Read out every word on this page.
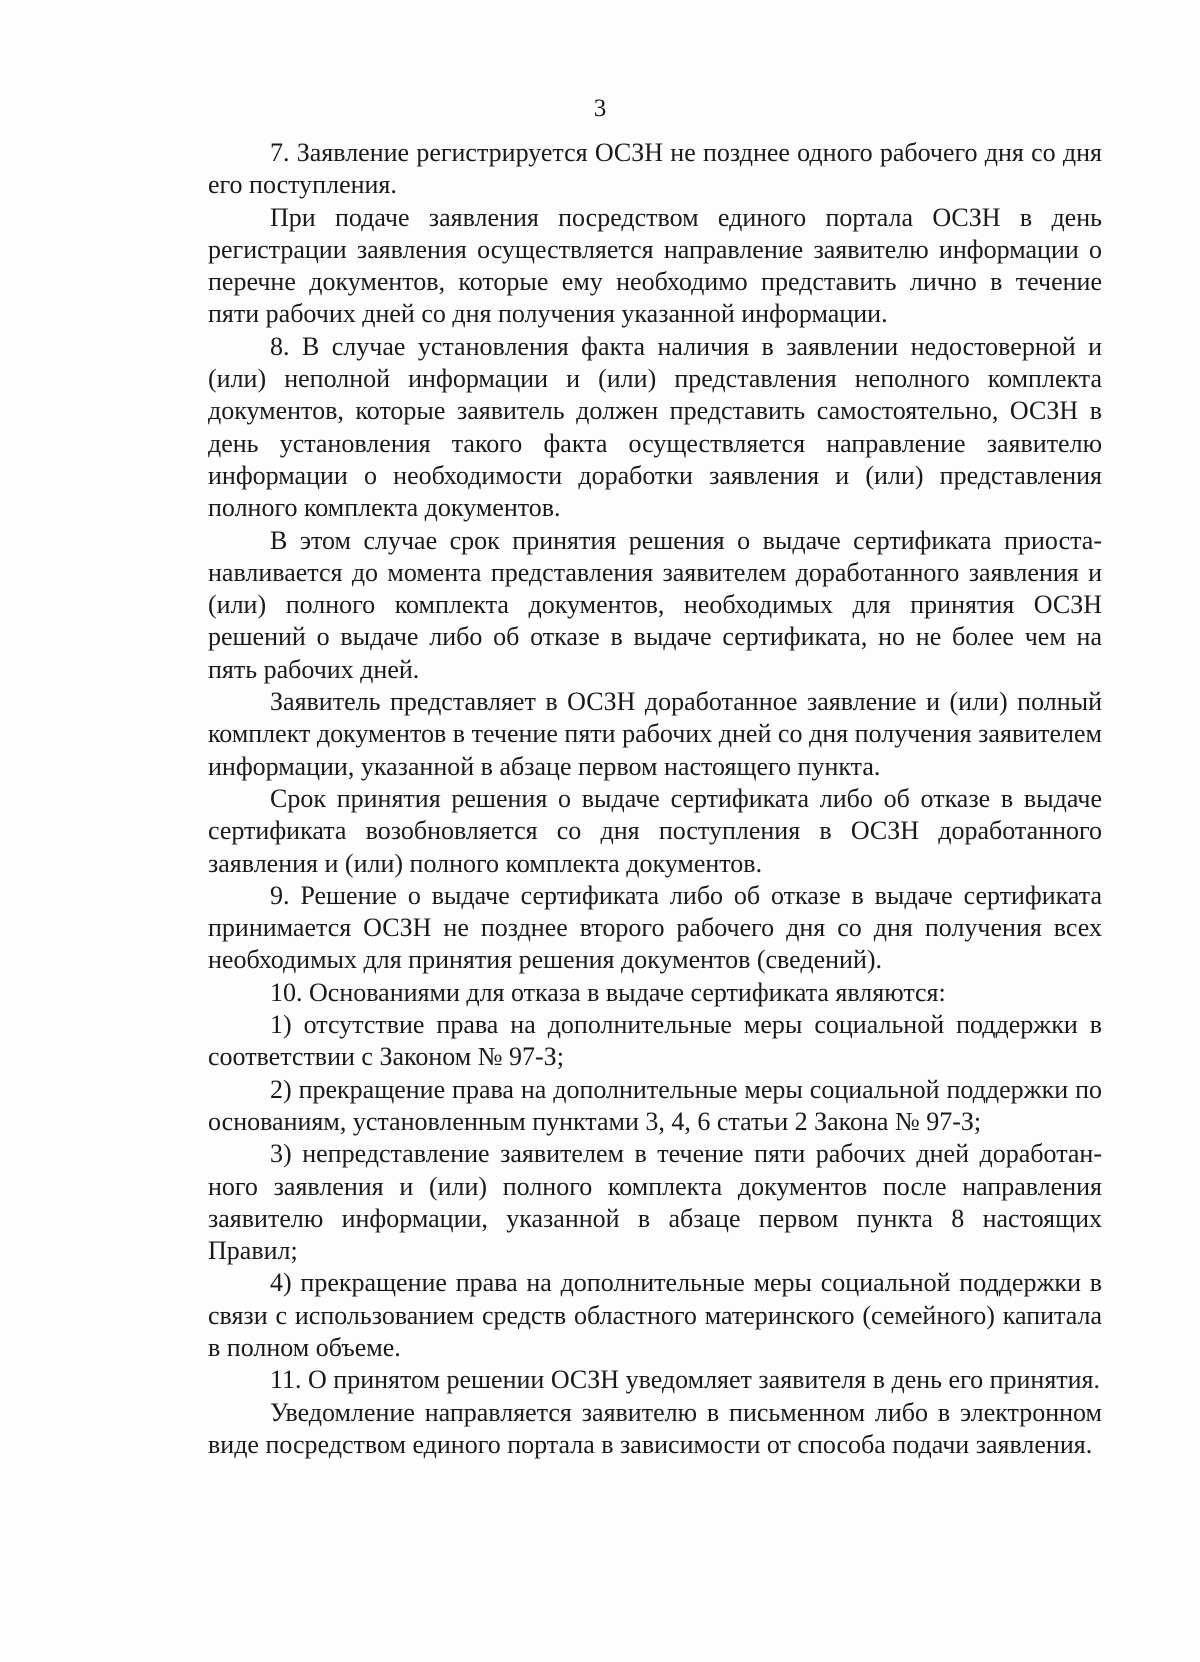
3

7. Заявление регистрируется ОСЗН не позднее одного рабочего дня со дня его поступления.

При подаче заявления посредством единого портала ОСЗН в день регистрации заявления осуществляется направление заявителю информации о перечне документов, которые ему необходимо представить лично в течение пяти рабочих дней со дня получения указанной информации.

8. В случае установления факта наличия в заявлении недостоверной и (или) неполной информации и (или) представления неполного комплекта документов, которые заявитель должен представить самостоятельно, ОСЗН в день установления такого факта осуществляется направление заявителю информации о необходимости доработки заявления и (или) представления полного комплекта документов.

В этом случае срок принятия решения о выдаче сертификата приостанавливается до момента представления заявителем доработанного заявления и (или) полного комплекта документов, необходимых для принятия ОСЗН решений о выдаче либо об отказе в выдаче сертификата, но не более чем на пять рабочих дней.

Заявитель представляет в ОСЗН доработанное заявление и (или) полный комплект документов в течение пяти рабочих дней со дня получения заявителем информации, указанной в абзаце первом настоящего пункта.

Срок принятия решения о выдаче сертификата либо об отказе в выдаче сертификата возобновляется со дня поступления в ОСЗН доработанного заявления и (или) полного комплекта документов.

9. Решение о выдаче сертификата либо об отказе в выдаче сертификата принимается ОСЗН не позднее второго рабочего дня со дня получения всех необходимых для принятия решения документов (сведений).

10. Основаниями для отказа в выдаче сертификата являются:

1) отсутствие права на дополнительные меры социальной поддержки в соответствии с Законом № 97-З;

2) прекращение права на дополнительные меры социальной поддержки по основаниям, установленным пунктами 3, 4, 6 статьи 2 Закона № 97-З;

3) непредставление заявителем в течение пяти рабочих дней доработанного заявления и (или) полного комплекта документов после направления заявителю информации, указанной в абзаце первом пункта 8 настоящих Правил;

4) прекращение права на дополнительные меры социальной поддержки в связи с использованием средств областного материнского (семейного) капитала в полном объеме.

11. О принятом решении ОСЗН уведомляет заявителя в день его принятия.

Уведомление направляется заявителю в письменном либо в электронном виде посредством единого портала в зависимости от способа подачи заявления.
